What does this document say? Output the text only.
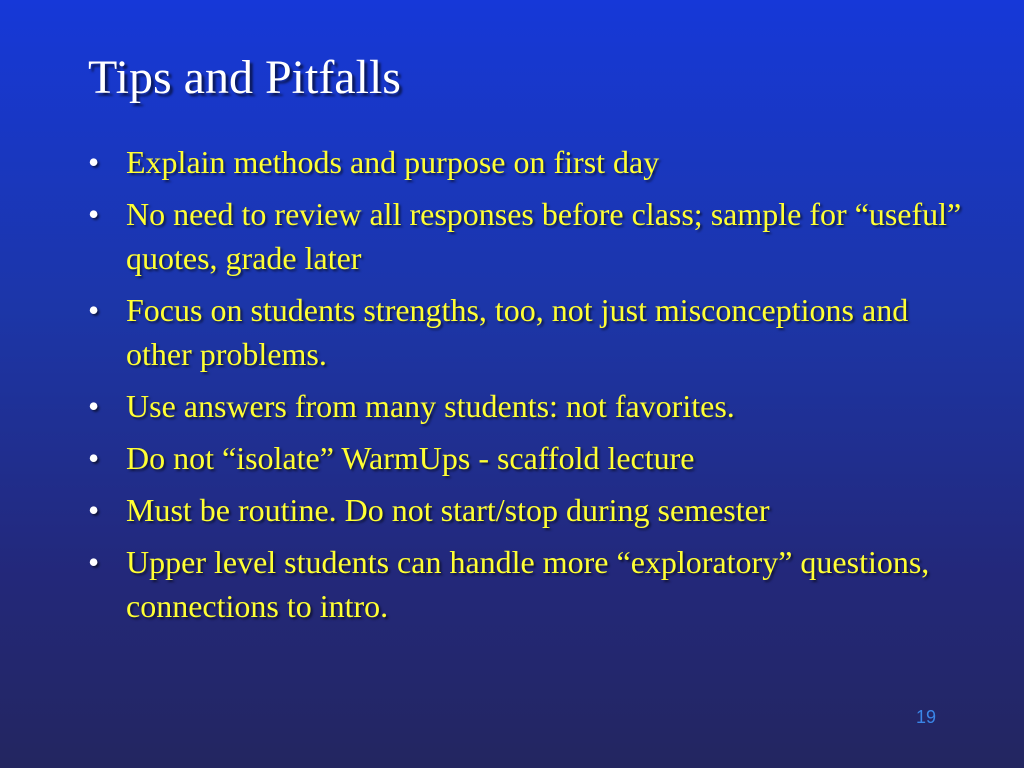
Tips and Pitfalls
• Explain methods and purpose on first day
• No need to review all responses before class; sample for “useful” quotes, grade later
• Focus on students strengths, too, not just misconceptions and other problems.
• Use answers from many students: not favorites.
• Do not “isolate” WarmUps - scaffold lecture
• Must be routine. Do not start/stop during semester
• Upper level students can handle more “exploratory” questions, connections to intro.
19
